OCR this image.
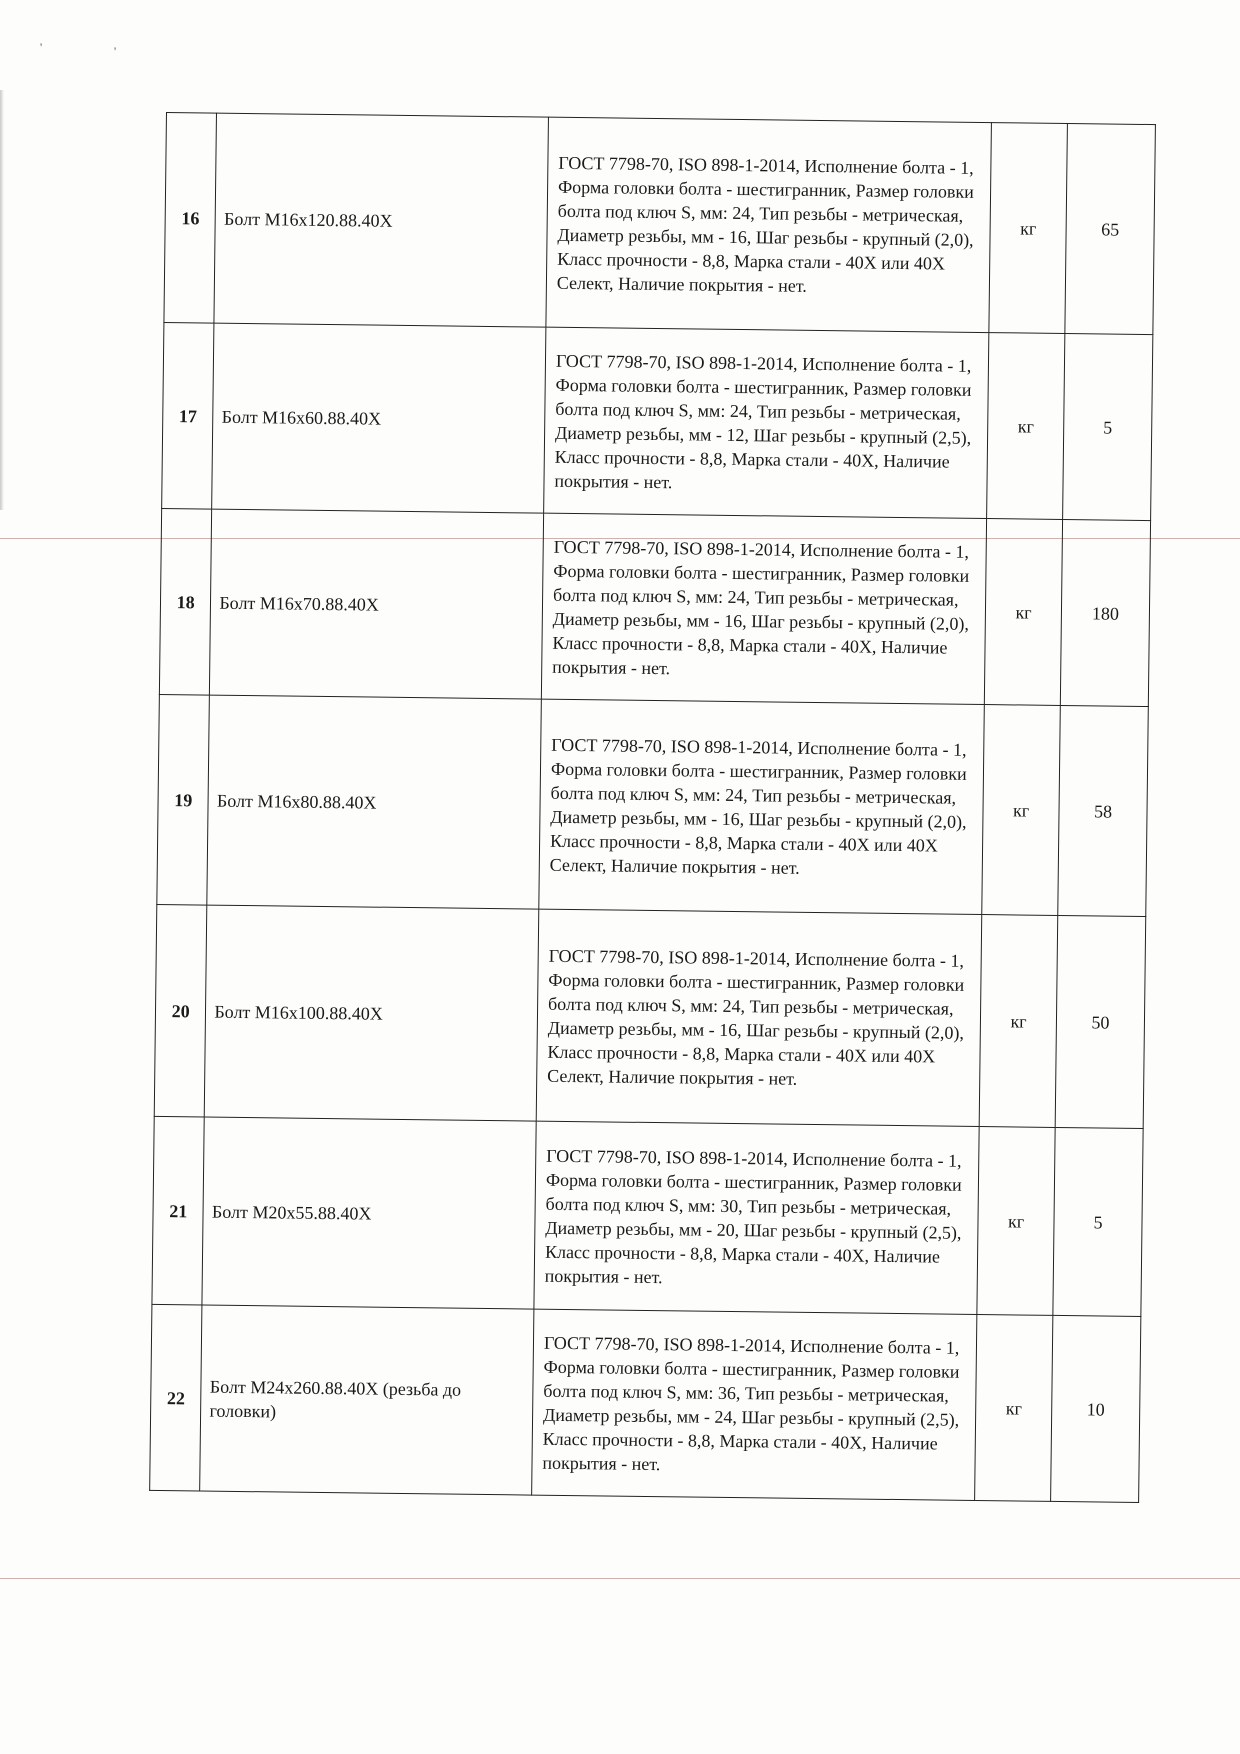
'	'
16	Болт М16х120.88.40Х	ГОСТ 7798-70, ISO 898-1-2014, Исполнение болта - 1, Форма головки болта - шестигранник, Размер головки болта под ключ S, мм: 24, Тип резьбы - метрическая, Диаметр резьбы, мм - 16, Шаг резьбы - крупный (2,0), Класс прочности - 8,8, Марка стали - 40Х или 40Х Селект, Наличие покрытия - нет.	кг	65
17	Болт М16х60.88.40Х	ГОСТ 7798-70, ISO 898-1-2014, Исполнение болта - 1, Форма головки болта - шестигранник, Размер головки болта под ключ S, мм: 24, Тип резьбы - метрическая, Диаметр резьбы, мм - 12, Шаг резьбы - крупный (2,5), Класс прочности - 8,8, Марка стали - 40Х, Наличие покрытия - нет.	кг	5
18	Болт М16х70.88.40Х	ГОСТ 7798-70, ISO 898-1-2014, Исполнение болта - 1, Форма головки болта - шестигранник, Размер головки болта под ключ S, мм: 24, Тип резьбы - метрическая, Диаметр резьбы, мм - 16, Шаг резьбы - крупный (2,0), Класс прочности - 8,8, Марка стали - 40Х, Наличие покрытия - нет.	кг	180
19	Болт М16х80.88.40Х	ГОСТ 7798-70, ISO 898-1-2014, Исполнение болта - 1, Форма головки болта - шестигранник, Размер головки болта под ключ S, мм: 24, Тип резьбы - метрическая, Диаметр резьбы, мм - 16, Шаг резьбы - крупный (2,0), Класс прочности - 8,8, Марка стали - 40Х или 40Х Селект, Наличие покрытия - нет.	кг	58
20	Болт М16х100.88.40Х	ГОСТ 7798-70, ISO 898-1-2014, Исполнение болта - 1, Форма головки болта - шестигранник, Размер головки болта под ключ S, мм: 24, Тип резьбы - метрическая, Диаметр резьбы, мм - 16, Шаг резьбы - крупный (2,0), Класс прочности - 8,8, Марка стали - 40Х или 40Х Селект, Наличие покрытия - нет.	кг	50
21	Болт М20х55.88.40Х	ГОСТ 7798-70, ISO 898-1-2014, Исполнение болта - 1, Форма головки болта - шестигранник, Размер головки болта под ключ S, мм: 30, Тип резьбы - метрическая, Диаметр резьбы, мм - 20, Шаг резьбы - крупный (2,5), Класс прочности - 8,8, Марка стали - 40Х, Наличие покрытия - нет.	кг	5
22	Болт М24х260.88.40Х (резьба до головки)	ГОСТ 7798-70, ISO 898-1-2014, Исполнение болта - 1, Форма головки болта - шестигранник, Размер головки болта под ключ S, мм: 36, Тип резьбы - метрическая, Диаметр резьбы, мм - 24, Шаг резьбы - крупный (2,5), Класс прочности - 8,8, Марка стали - 40Х, Наличие покрытия - нет.	кг	10
